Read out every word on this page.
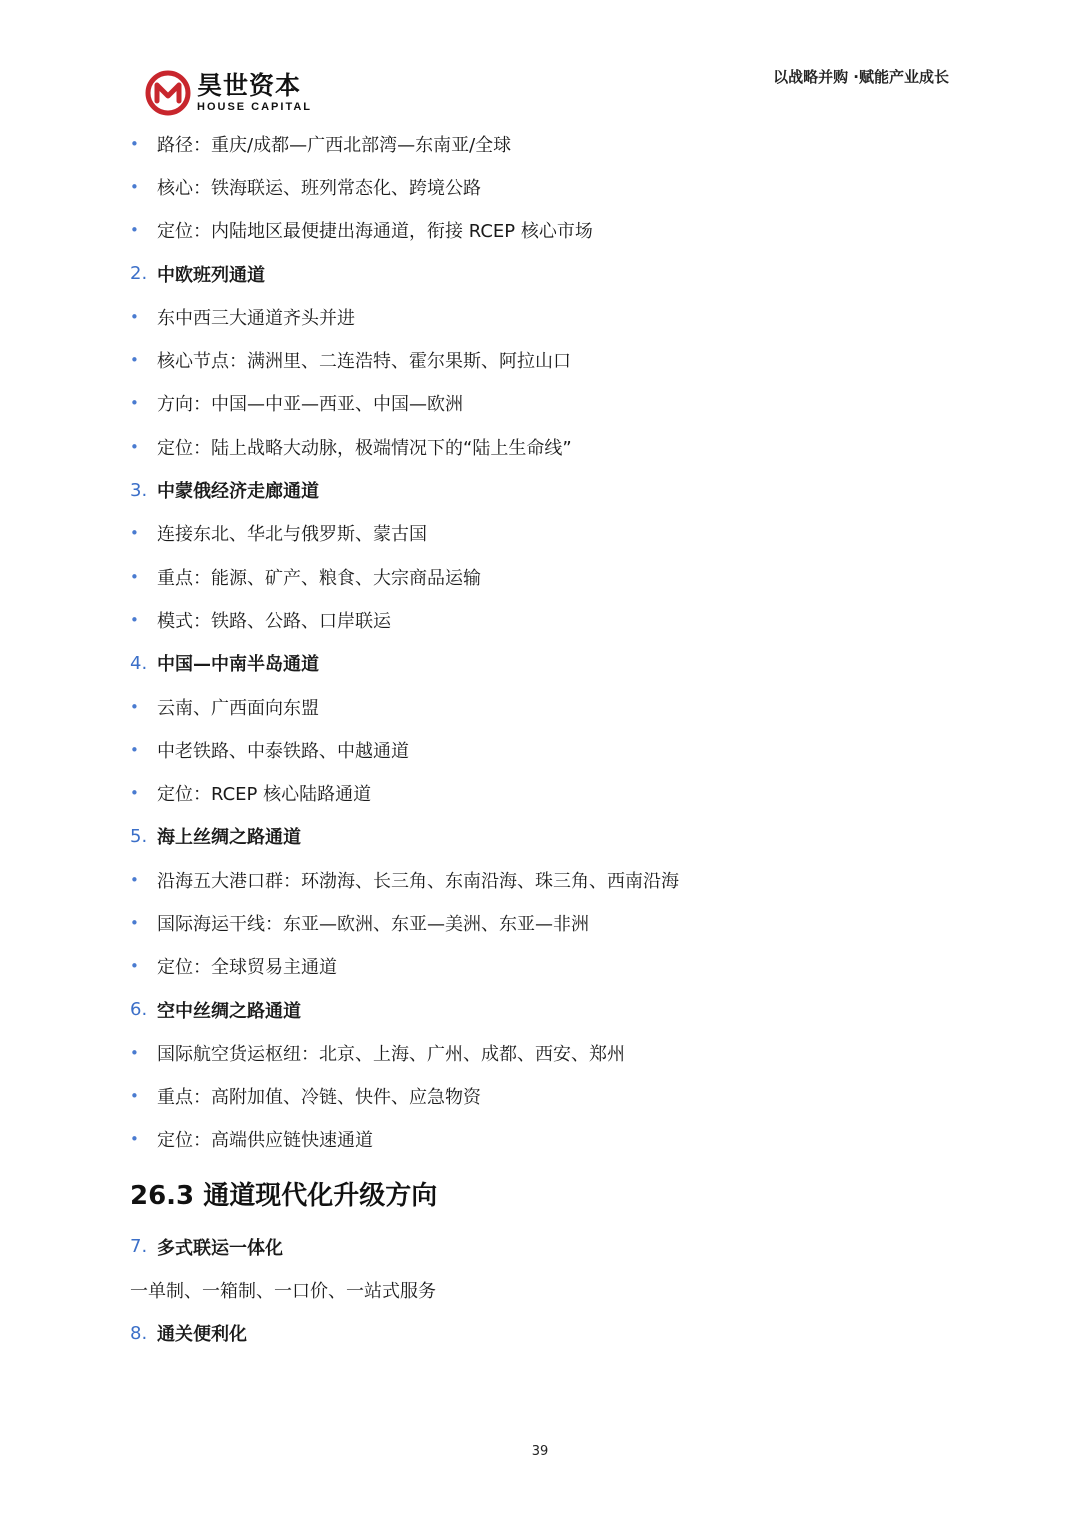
昊世资本
HOUSE CAPITAL
以战略并购 ·赋能产业成长
•	路径：重庆/成都—广西北部湾—东南亚/全球
•	核心：铁海联运、班列常态化、跨境公路
•	定位：内陆地区最便捷出海通道，衔接 RCEP 核心市场
2. 中欧班列通道
•	东中西三大通道齐头并进
•	核心节点：满洲里、二连浩特、霍尔果斯、阿拉山口
•	方向：中国—中亚—西亚、中国—欧洲
•	定位：陆上战略大动脉，极端情况下的“陆上生命线”
3. 中蒙俄经济走廊通道
•	连接东北、华北与俄罗斯、蒙古国
•	重点：能源、矿产、粮食、大宗商品运输
•	模式：铁路、公路、口岸联运
4. 中国—中南半岛通道
•	云南、广西面向东盟
•	中老铁路、中泰铁路、中越通道
•	定位：RCEP 核心陆路通道
5. 海上丝绸之路通道
•	沿海五大港口群：环渤海、长三角、东南沿海、珠三角、西南沿海
•	国际海运干线：东亚—欧洲、东亚—美洲、东亚—非洲
•	定位：全球贸易主通道
6. 空中丝绸之路通道
•	国际航空货运枢纽：北京、上海、广州、成都、西安、郑州
•	重点：高附加值、冷链、快件、应急物资
•	定位：高端供应链快速通道
26.3 通道现代化升级方向
7. 多式联运一体化
一单制、一箱制、一口价、一站式服务
8. 通关便利化
39
